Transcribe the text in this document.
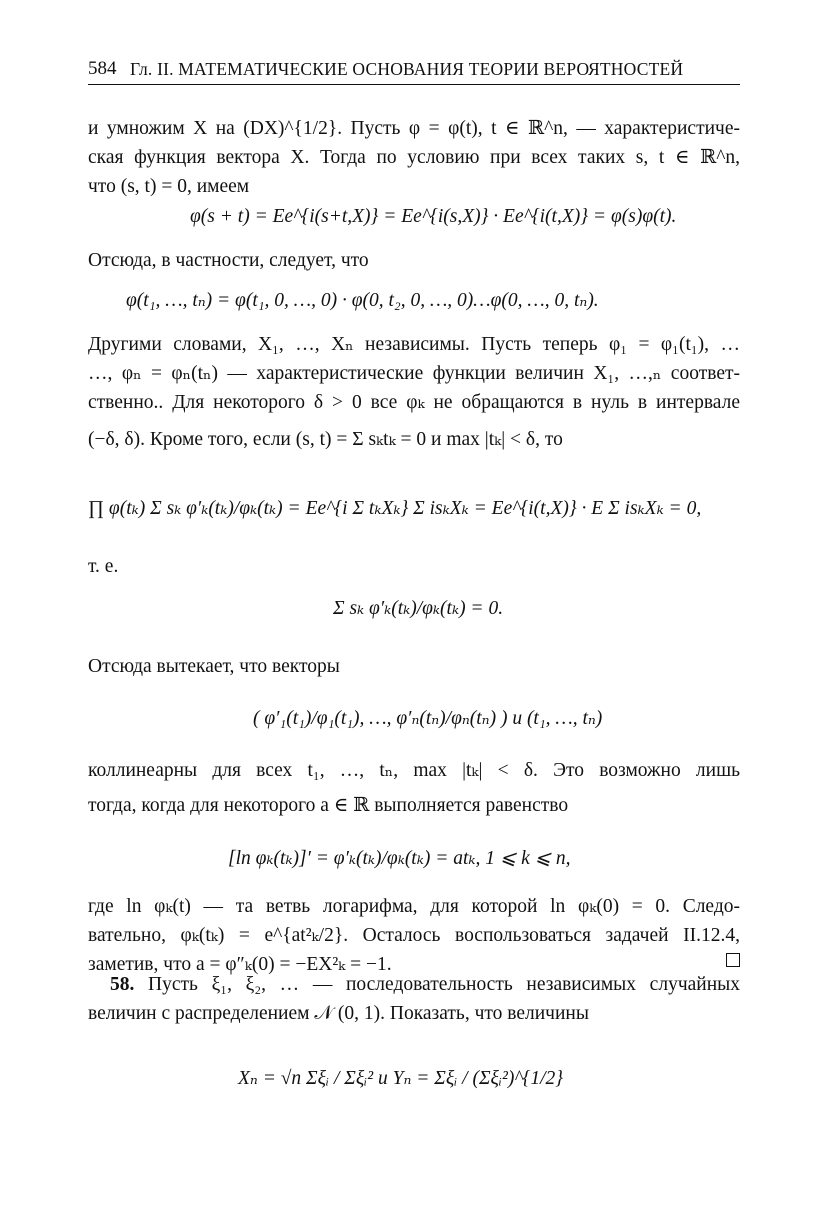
584 Гл. II. МАТЕМАТИЧЕСКИЕ ОСНОВАНИЯ ТЕОРИИ ВЕРОЯТНОСТЕЙ
и умножим X на (DX)^{1/2}. Пусть φ = φ(t), t ∈ ℝ^n, — характеристиче-
ская функция вектора X. Тогда по условию при всех таких s, t ∈ ℝ^n,
что (s, t) = 0, имеем
φ(s + t) = Ee^{i(s+t,X)} = Ee^{i(s,X)} · Ee^{i(t,X)} = φ(s)φ(t).
Отсюда, в частности, следует, что
φ(t₁, …, tₙ) = φ(t₁, 0, …, 0) · φ(0, t₂, 0, …, 0)…φ(0, …, 0, tₙ).
Другими словами, X₁, …, Xₙ независимы. Пусть теперь φ₁ = φ₁(t₁), …
…, φₙ = φₙ(tₙ) — характеристические функции величин X₁, …,ₙ соответ-
ственно.. Для некоторого δ > 0 все φₖ не обращаются в нуль в интервале
(−δ, δ). Кроме того, если (s, t) = Σ sₖtₖ = 0 и max |tₖ| < δ, то
∏ φ(tₖ) Σ sₖ φ′ₖ(tₖ)/φₖ(tₖ) = Ee^{i Σ tₖXₖ} Σ isₖXₖ = Ee^{i(t,X)} · E Σ isₖXₖ = 0,
т. е.
Σ sₖ φ′ₖ(tₖ)/φₖ(tₖ) = 0.
Отсюда вытекает, что векторы
( φ′₁(t₁)/φ₁(t₁), …, φ′ₙ(tₙ)/φₙ(tₙ) ) и (t₁, …, tₙ)
коллинеарны для всех t₁, …, tₙ, max |tₖ| < δ. Это возможно лишь
тогда, когда для некоторого a ∈ ℝ выполняется равенство
[ln φₖ(tₖ)]′ = φ′ₖ(tₖ)/φₖ(tₖ) = atₖ, 1 ⩽ k ⩽ n,
где ln φₖ(t) — та ветвь логарифма, для которой ln φₖ(0) = 0. Следо-
вательно, φₖ(tₖ) = e^{at²ₖ/2}. Осталось воспользоваться задачей II.12.4,
заметив, что a = φ″ₖ(0) = −EX²ₖ = −1.
58. Пусть ξ₁, ξ₂, … — последовательность независимых случайных
величин с распределением 𝒩 (0, 1). Показать, что величины
Xₙ = √n Σξᵢ / Σξᵢ² и Yₙ = Σξᵢ / (Σξᵢ²)^{1/2}
